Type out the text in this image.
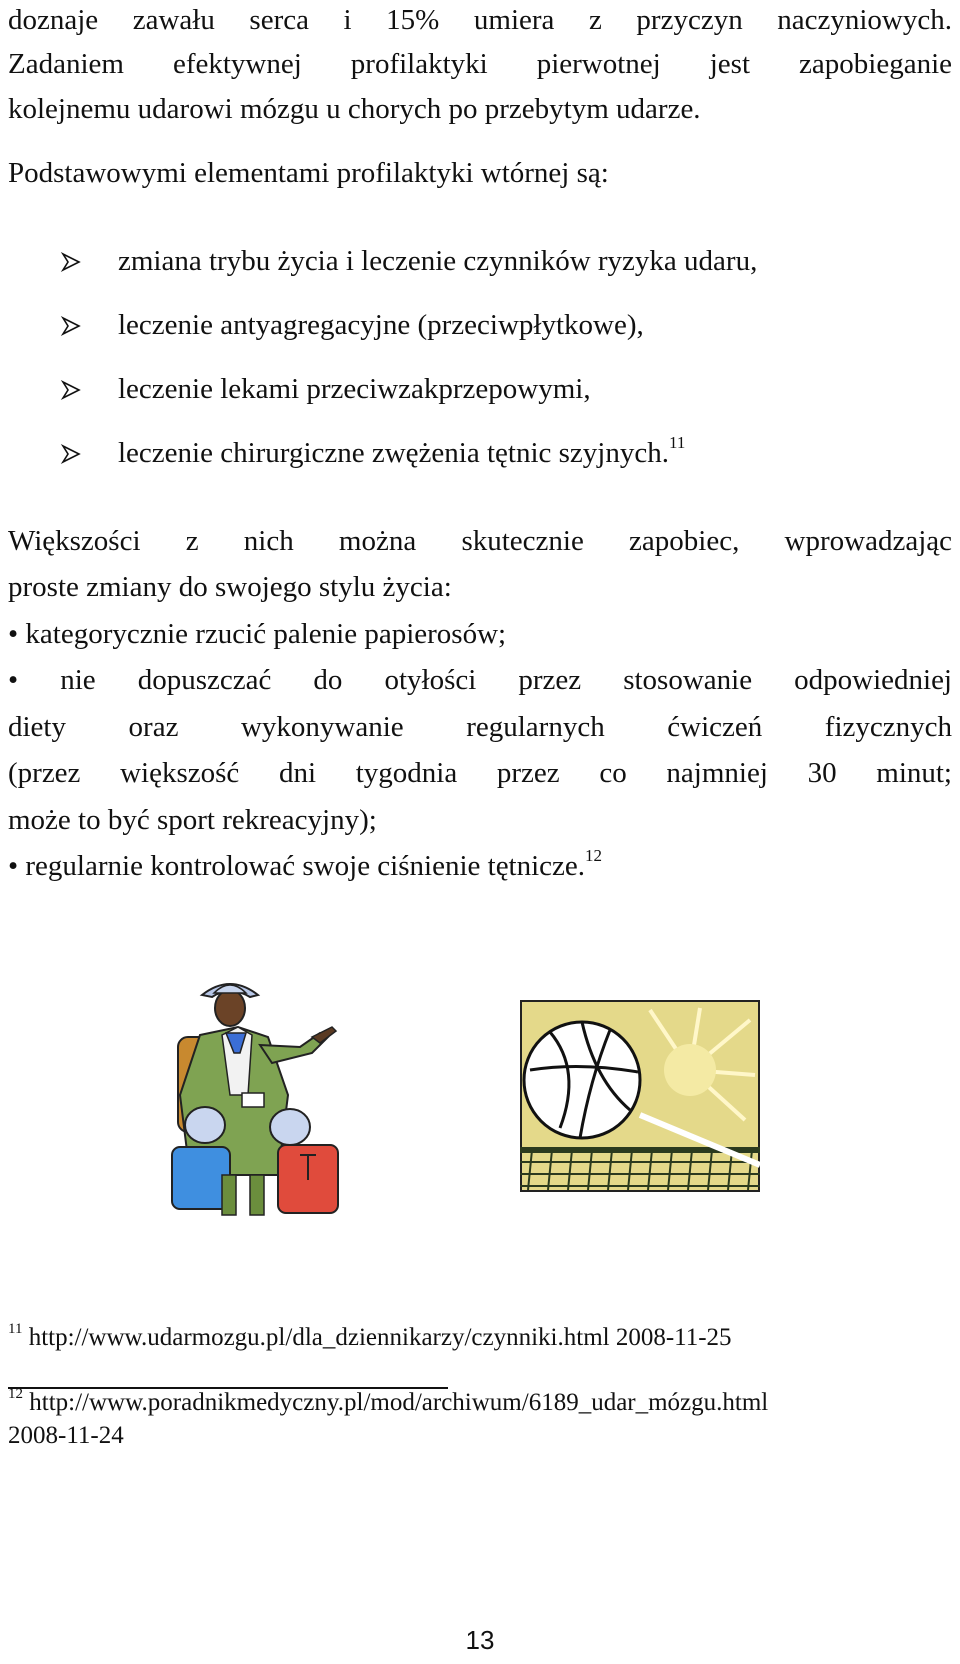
doznaje zawału serca i 15% umiera z przyczyn naczyniowych.
Zadaniem efektywnej profilaktyki pierwotnej jest zapobieganie
kolejnemu udarowi mózgu u chorych po przebytym udarze.
Podstawowymi elementami profilaktyki wtórnej są:
zmiana trybu życia i leczenie czynników ryzyka udaru,
leczenie antyagregacyjne (przeciwpłytkowe),
leczenie lekami przeciwzakprzepowymi,
leczenie chirurgiczne zwężenia tętnic szyjnych.$^{11}$
Większości z nich można skutecznie zapobiec, wprowadzając
proste zmiany do swojego stylu życia:
• kategorycznie rzucić palenie papierosów;
• nie dopuszczać do otyłości przez stosowanie odpowiedniej
diety oraz wykonywanie regularnych ćwiczeń fizycznych
(przez większość dni tygodnia przez co najmniej 30 minut;
może to być sport rekreacyjny);
• regularnie kontrolować swoje ciśnienie tętnicze.$^{12}$
$^{11}$ http://www.udarmozgu.pl/dla_dziennikarzy/czynniki.html 2008-11-25
$^{12}$ http://www.poradnikmedyczny.pl/mod/archiwum/6189_udar_mózgu.html
2008-11-24
13
